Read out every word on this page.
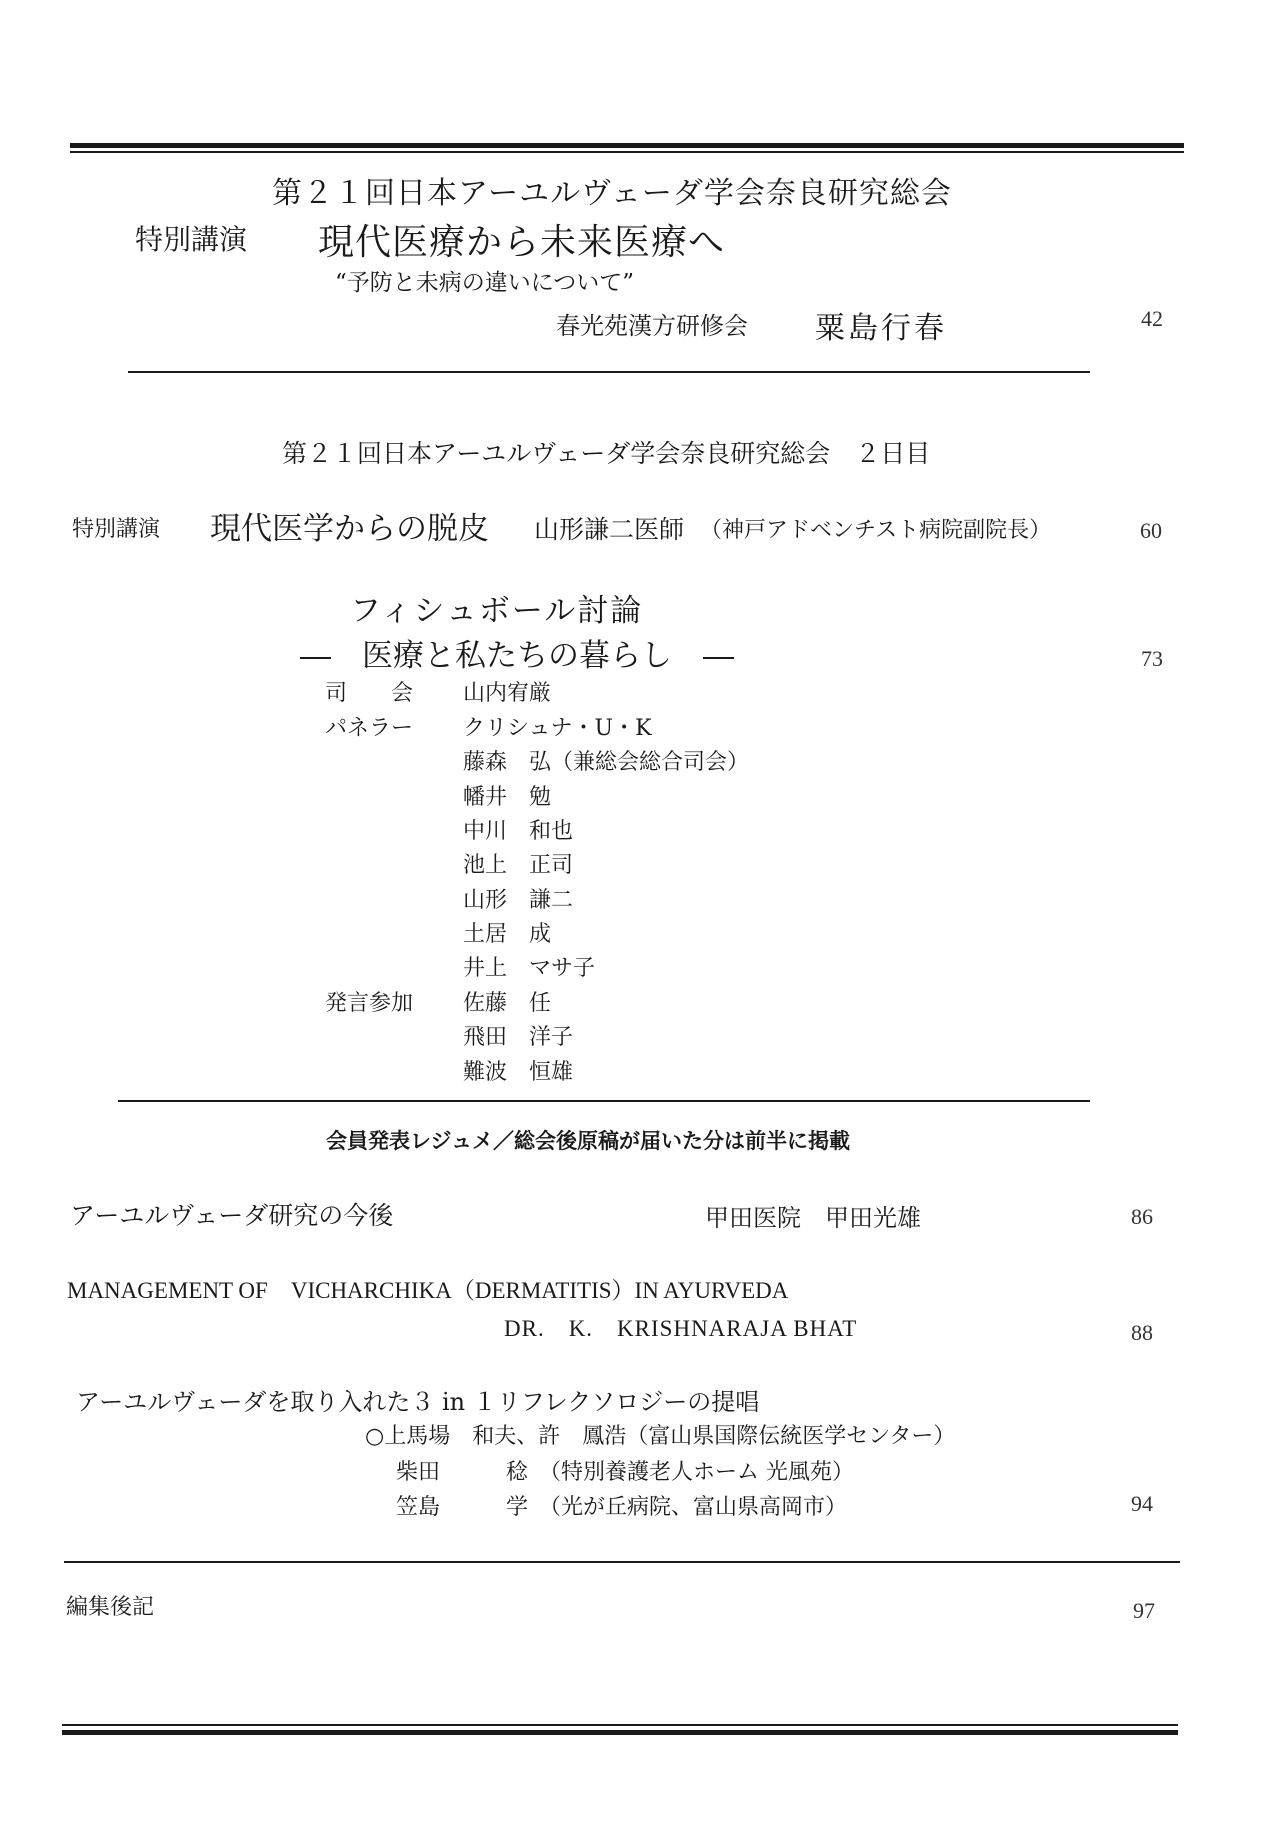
第２１回日本アーユルヴェーダ学会奈良研究総会
特別講演 現代医療から未来医療へ
“予防と未病の違いについて”
春光苑漢方研修会 粟島行春	42
第２１回日本アーユルヴェーダ学会奈良研究総会　２日目
特別講演 現代医学からの脱皮 山形謙二医師 （神戸アドベンチスト病院副院長）	60
フィシュボール討論
―　医療と私たちの暮らし　―	73
司　　会 山内宥厳
パネラー クリシュナ・U・K
藤森　弘（兼総会総合司会）
幡井　勉
中川　和也
池上　正司
山形　謙二
土居　成
井上　マサ子
発言参加 佐藤　任
飛田　洋子
難波　恒雄
会員発表レジュメ／総会後原稿が届いた分は前半に掲載
アーユルヴェーダ研究の今後	甲田医院　甲田光雄	86
MANAGEMENT OF　VICHARCHIKA（DERMATITIS）IN AYURVEDA
DR.　K.　KRISHNARAJA BHAT	88
アーユルヴェーダを取り入れた３ in １リフレクソロジーの提唱
○上馬場　和夫、許　鳳浩（富山県国際伝統医学センター）
柴田　　　稔　（特別養護老人ホーム 光風苑）
笠島　　　学　（光が丘病院、富山県高岡市）	94
編集後記	97
